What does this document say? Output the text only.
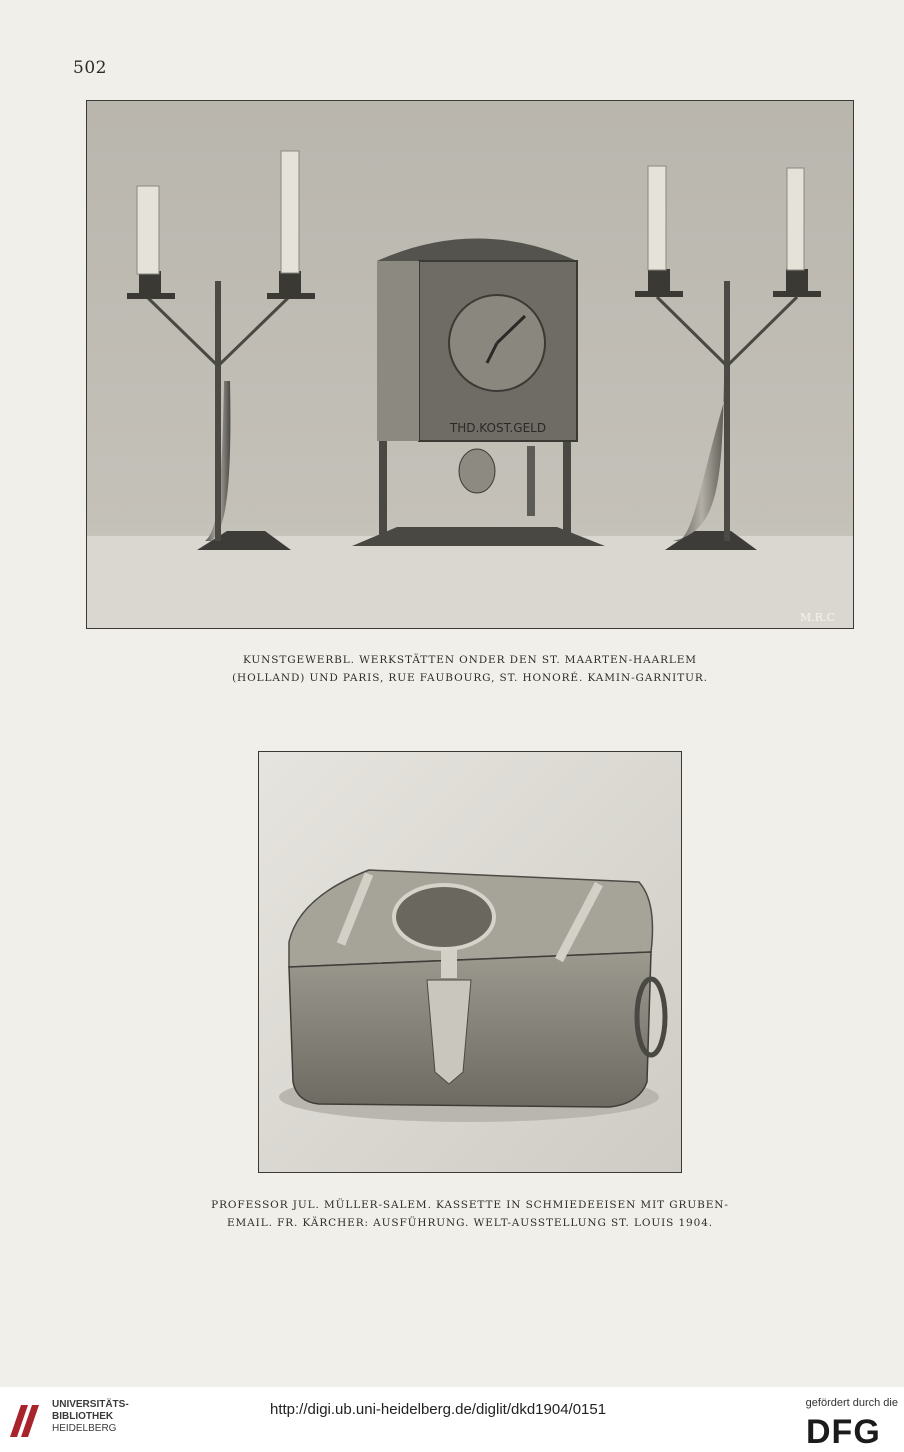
502
THD.KOST.GELD
M.R.C
KUNSTGEWERBL. WERKSTÄTTEN ONDER DEN ST. MAARTEN-HAARLEM
(HOLLAND) UND PARIS, RUE FAUBOURG, ST. HONORÉ. KAMIN-GARNITUR.
PROFESSOR JUL. MÜLLER-SALEM. KASSETTE IN SCHMIEDEEISEN MIT GRUBEN-
EMAIL. FR. KÄRCHER: AUSFÜHRUNG. WELT-AUSSTELLUNG ST. LOUIS 1904.
UNIVERSITÄTS-
BIBLIOTHEK
HEIDELBERG
http://digi.ub.uni-heidelberg.de/diglit/dkd1904/0151	gefördert durch die
DFG
